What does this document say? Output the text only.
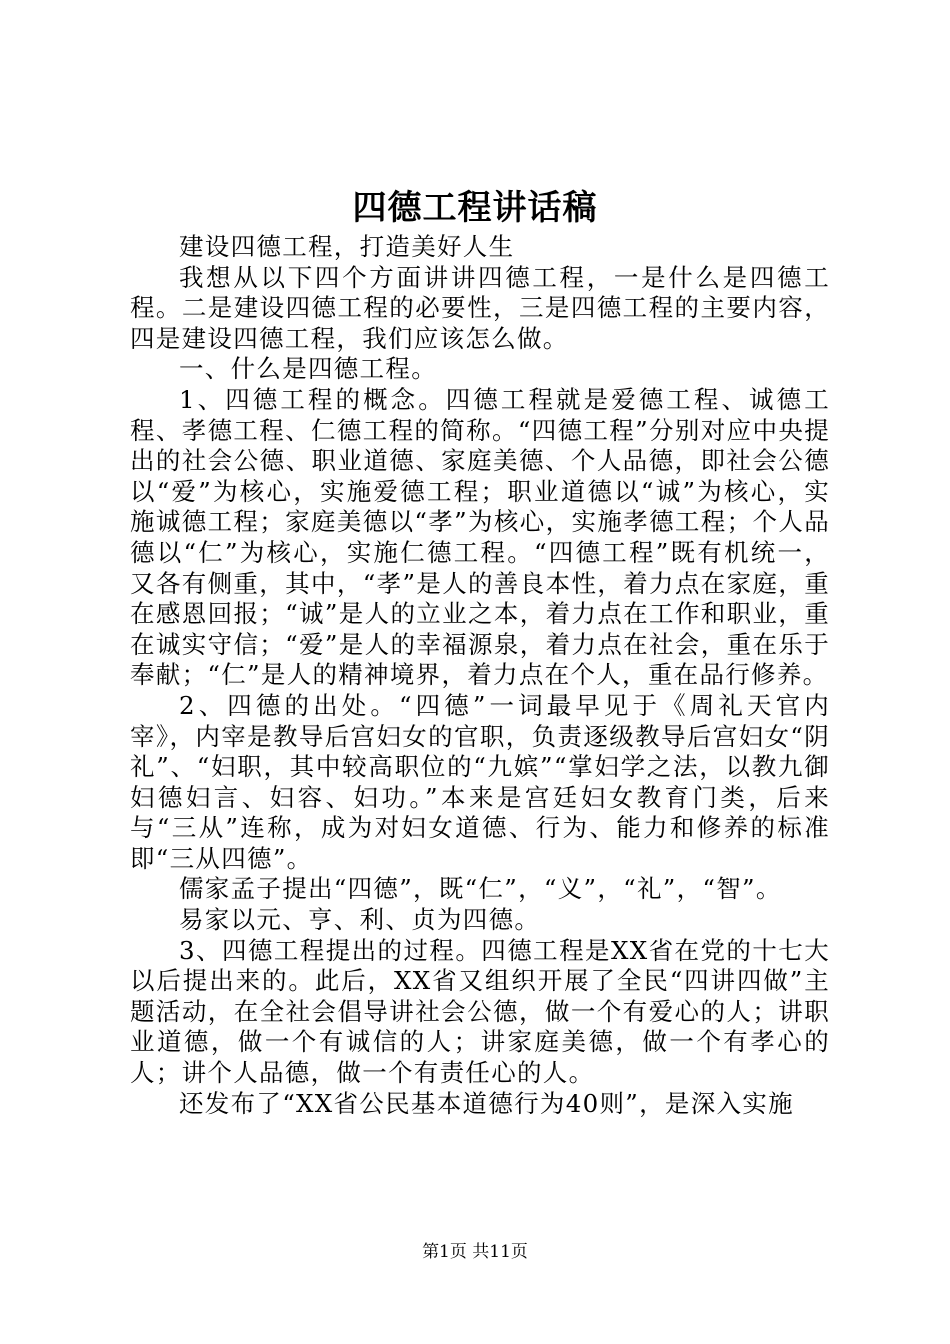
四德工程讲话稿

建设四德工程，打造美好人生

我想从以下四个方面讲讲四德工程，一是什么是四德工程。二是建设四德工程的必要性，三是四德工程的主要内容，四是建设四德工程，我们应该怎么做。

一、什么是四德工程。

1、四德工程的概念。四德工程就是爱德工程、诚德工程、孝德工程、仁德工程的简称。“四德工程”分别对应中央提出的社会公德、职业道德、家庭美德、个人品德，即社会公德以“爱”为核心，实施爱德工程；职业道德以“诚”为核心，实施诚德工程；家庭美德以“孝”为核心，实施孝德工程；个人品德以“仁”为核心，实施仁德工程。“四德工程”既有机统一，又各有侧重，其中，“孝”是人的善良本性，着力点在家庭，重在感恩回报；“诚”是人的立业之本，着力点在工作和职业，重在诚实守信；“爱”是人的幸福源泉，着力点在社会，重在乐于奉献；“仁”是人的精神境界，着力点在个人，重在品行修养。

2、四德的出处。“四德”一词最早见于《周礼天官内宰》，内宰是教导后宫妇女的官职，负责逐级教导后宫妇女“阴礼”、“妇职，其中较高职位的“九嫔”“掌妇学之法，以教九御妇德妇言、妇容、妇功。”本来是宫廷妇女教育门类，后来与“三从”连称，成为对妇女道德、行为、能力和修养的标准即“三从四德”。

儒家孟子提出“四德”，既“仁”，“义”，“礼”，“智”。

易家以元、亨、利、贞为四德。

3、四德工程提出的过程。四德工程是XX省在党的十七大以后提出来的。此后，XX省又组织开展了全民“四讲四做”主题活动，在全社会倡导讲社会公德，做一个有爱心的人；讲职业道德，做一个有诚信的人；讲家庭美德，做一个有孝心的人；讲个人品德，做一个有责任心的人。

还发布了“XX省公民基本道德行为40则”，是深入实施

第1页 共11页
